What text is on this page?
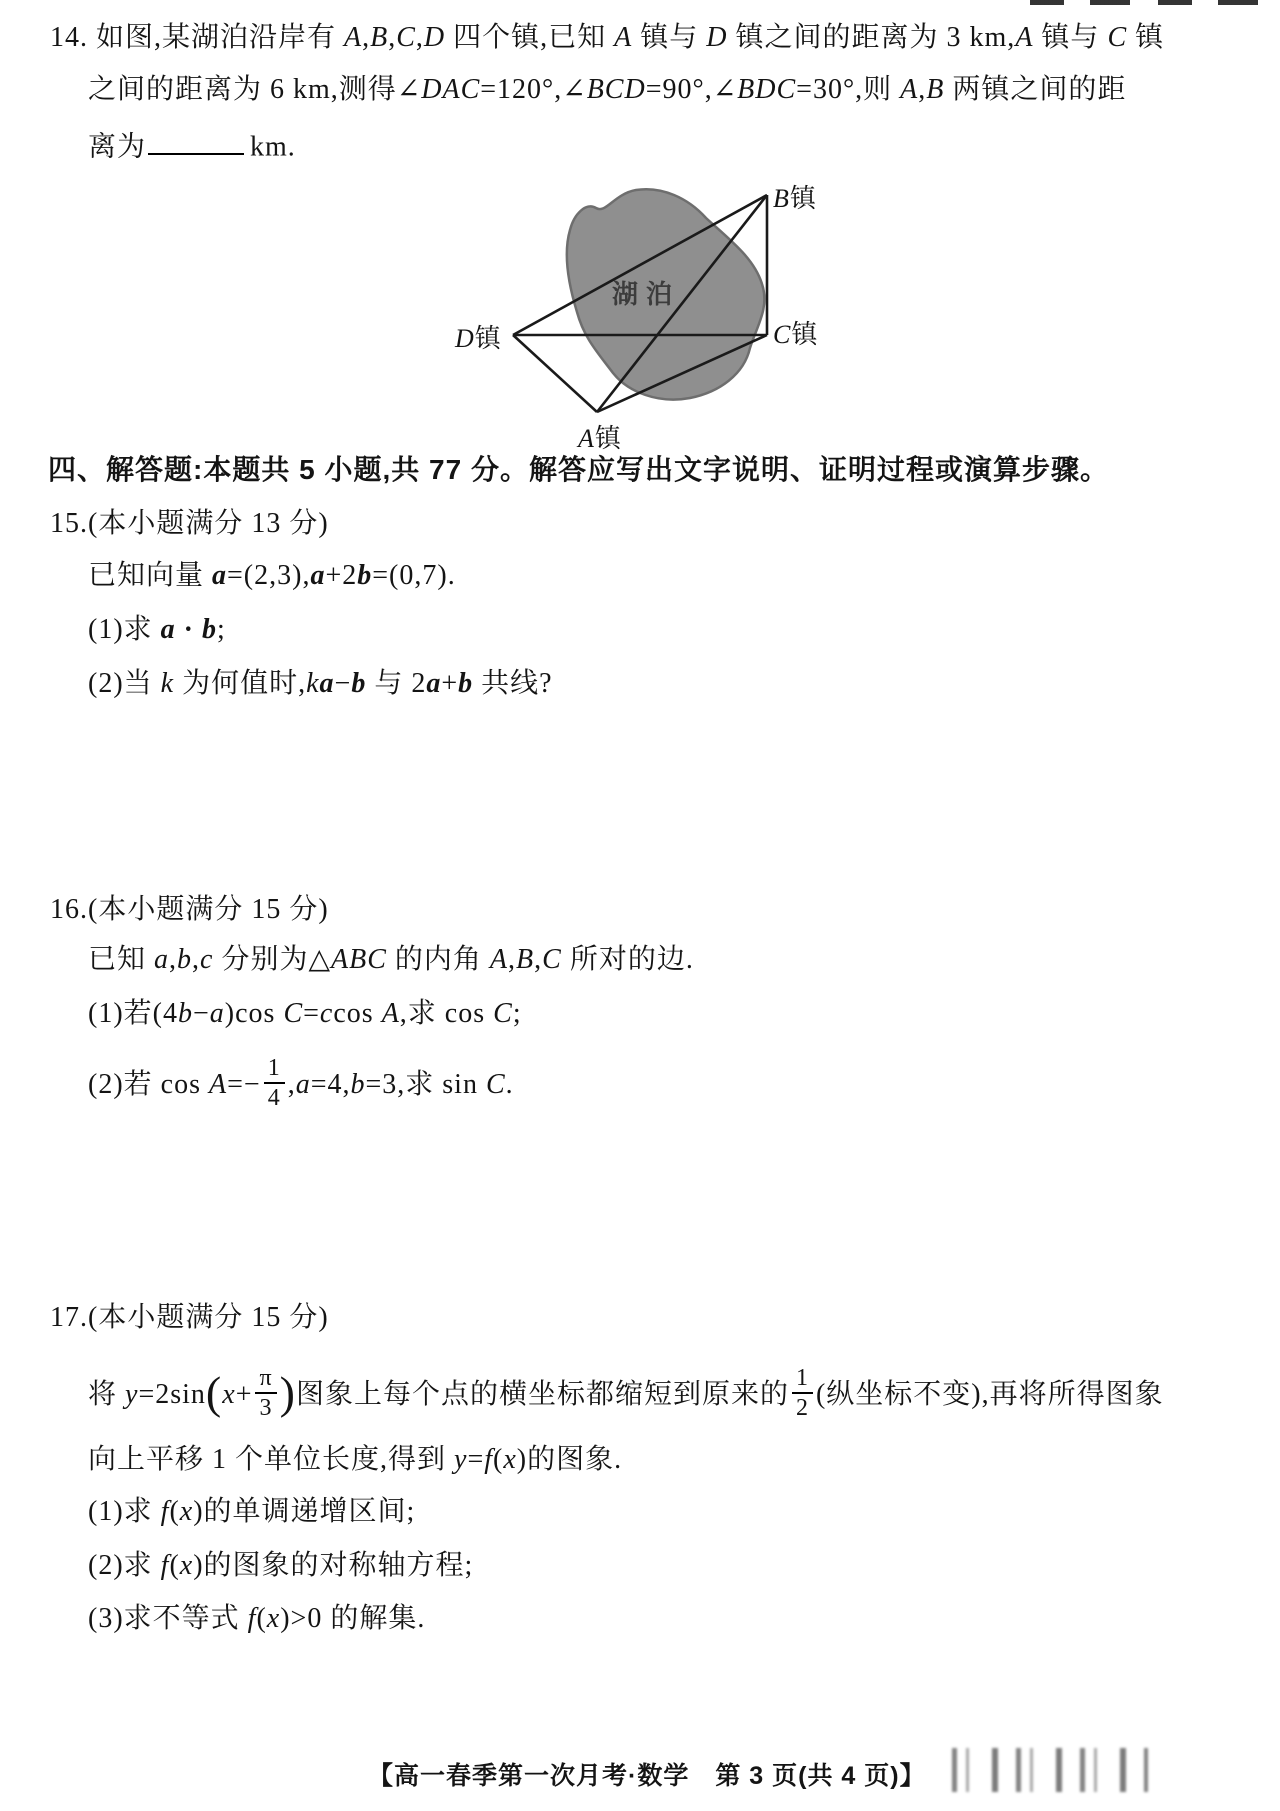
14. 如图,某湖泊沿岸有 A,B,C,D 四个镇,已知 A 镇与 D 镇之间的距离为 3 km,A 镇与 C 镇
之间的距离为 6 km,测得∠DAC=120°,∠BCD=90°,∠BDC=30°,则 A,B 两镇之间的距
离为	km.
湖泊
B镇
C镇
D镇
A镇
四、解答题:本题共 5 小题,共 77 分。解答应写出文字说明、证明过程或演算步骤。
15.(本小题满分 13 分)
已知向量 a=(2,3),a+2b=(0,7).
(1)求 a · b;
(2)当 k 为何值时,ka−b 与 2a+b 共线?
16.(本小题满分 15 分)
已知 a,b,c 分别为△ABC 的内角 A,B,C 所对的边.
(1)若(4b−a)cos C=ccos A,求 cos C;
(2)若 $\cos A=- \frac{1}{4} ,a=4,b=3$,求 sin C.
17.(本小题满分 15 分)
将 $y=2\sin(x+ \frac{\pi}{3}$ )图象上每个点的横坐标都缩短到原来的 $\frac{1}{2}$ (纵坐标不变),再将所得图象
向上平移 1 个单位长度,得到 y=f(x)的图象.
(1)求 f(x)的单调递增区间;
(2)求 f(x)的图象的对称轴方程;
(3)求不等式 f(x)>0 的解集.
【高一春季第一次月考·数学　第 3 页(共 4 页)】
